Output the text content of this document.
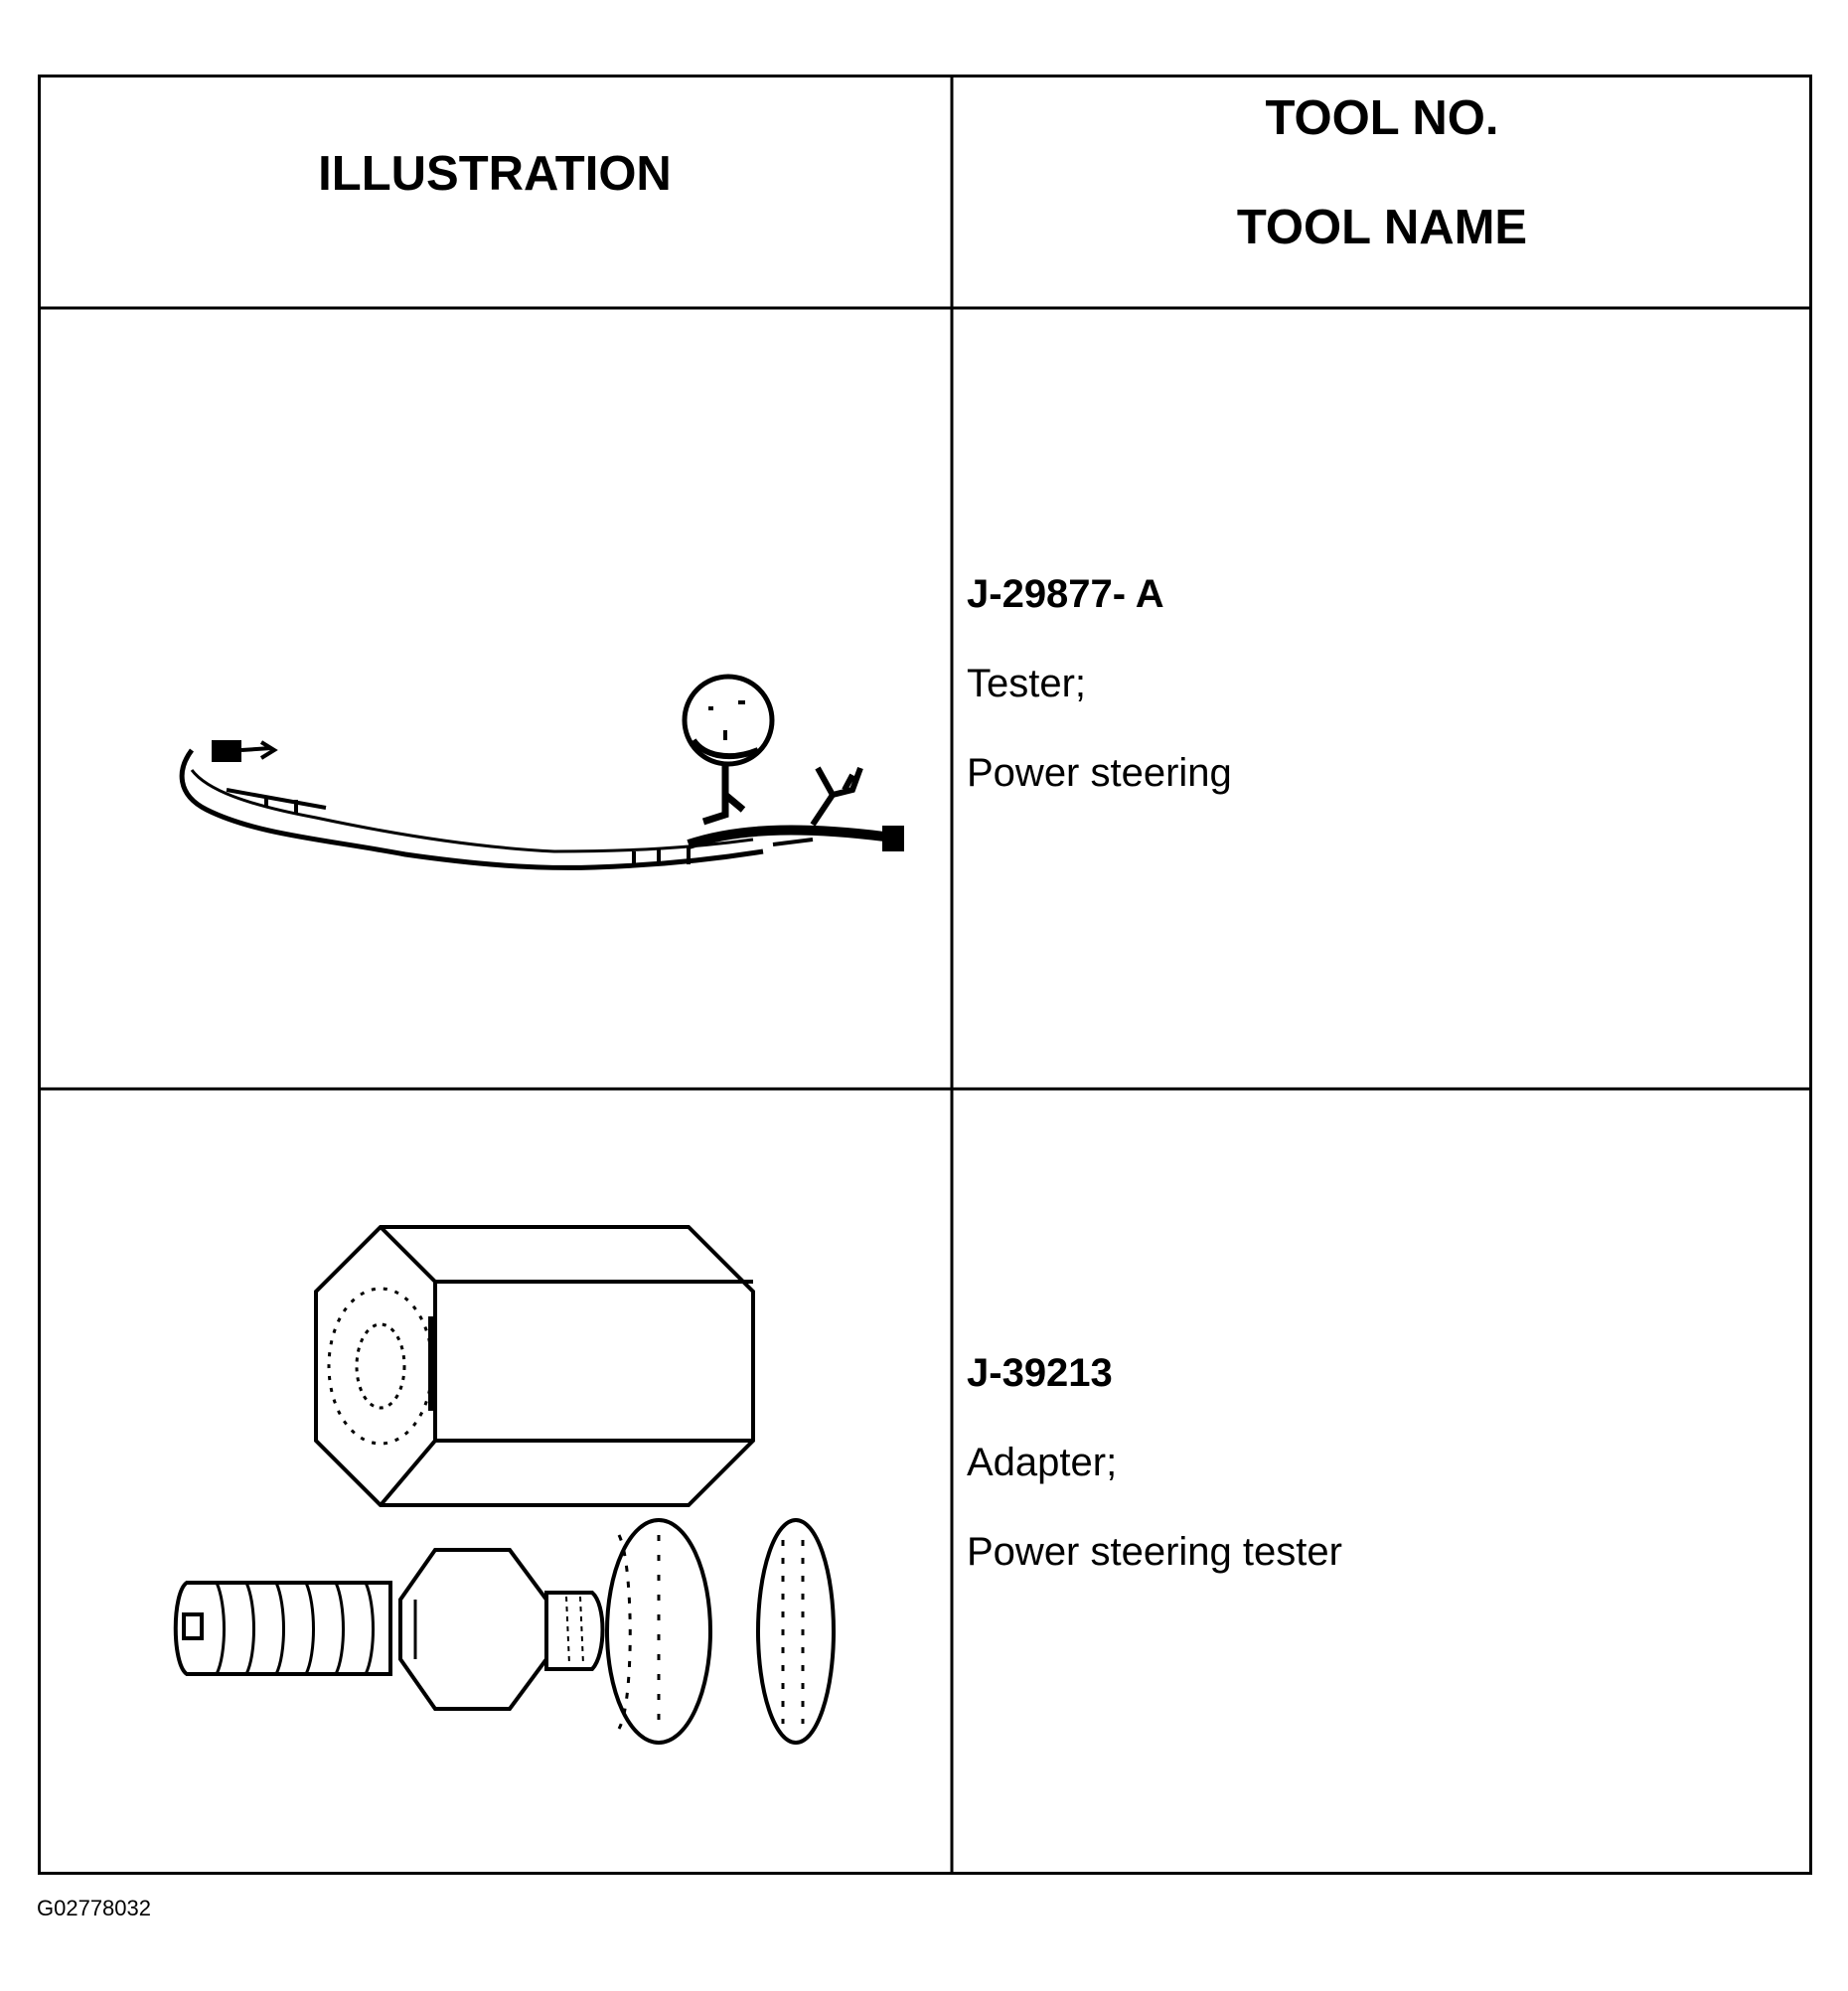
ILLUSTRATION
TOOL NO.
TOOL NAME
J-29877- A
Tester;
Power steering
J-39213
Adapter;
Power steering tester
G02778032
